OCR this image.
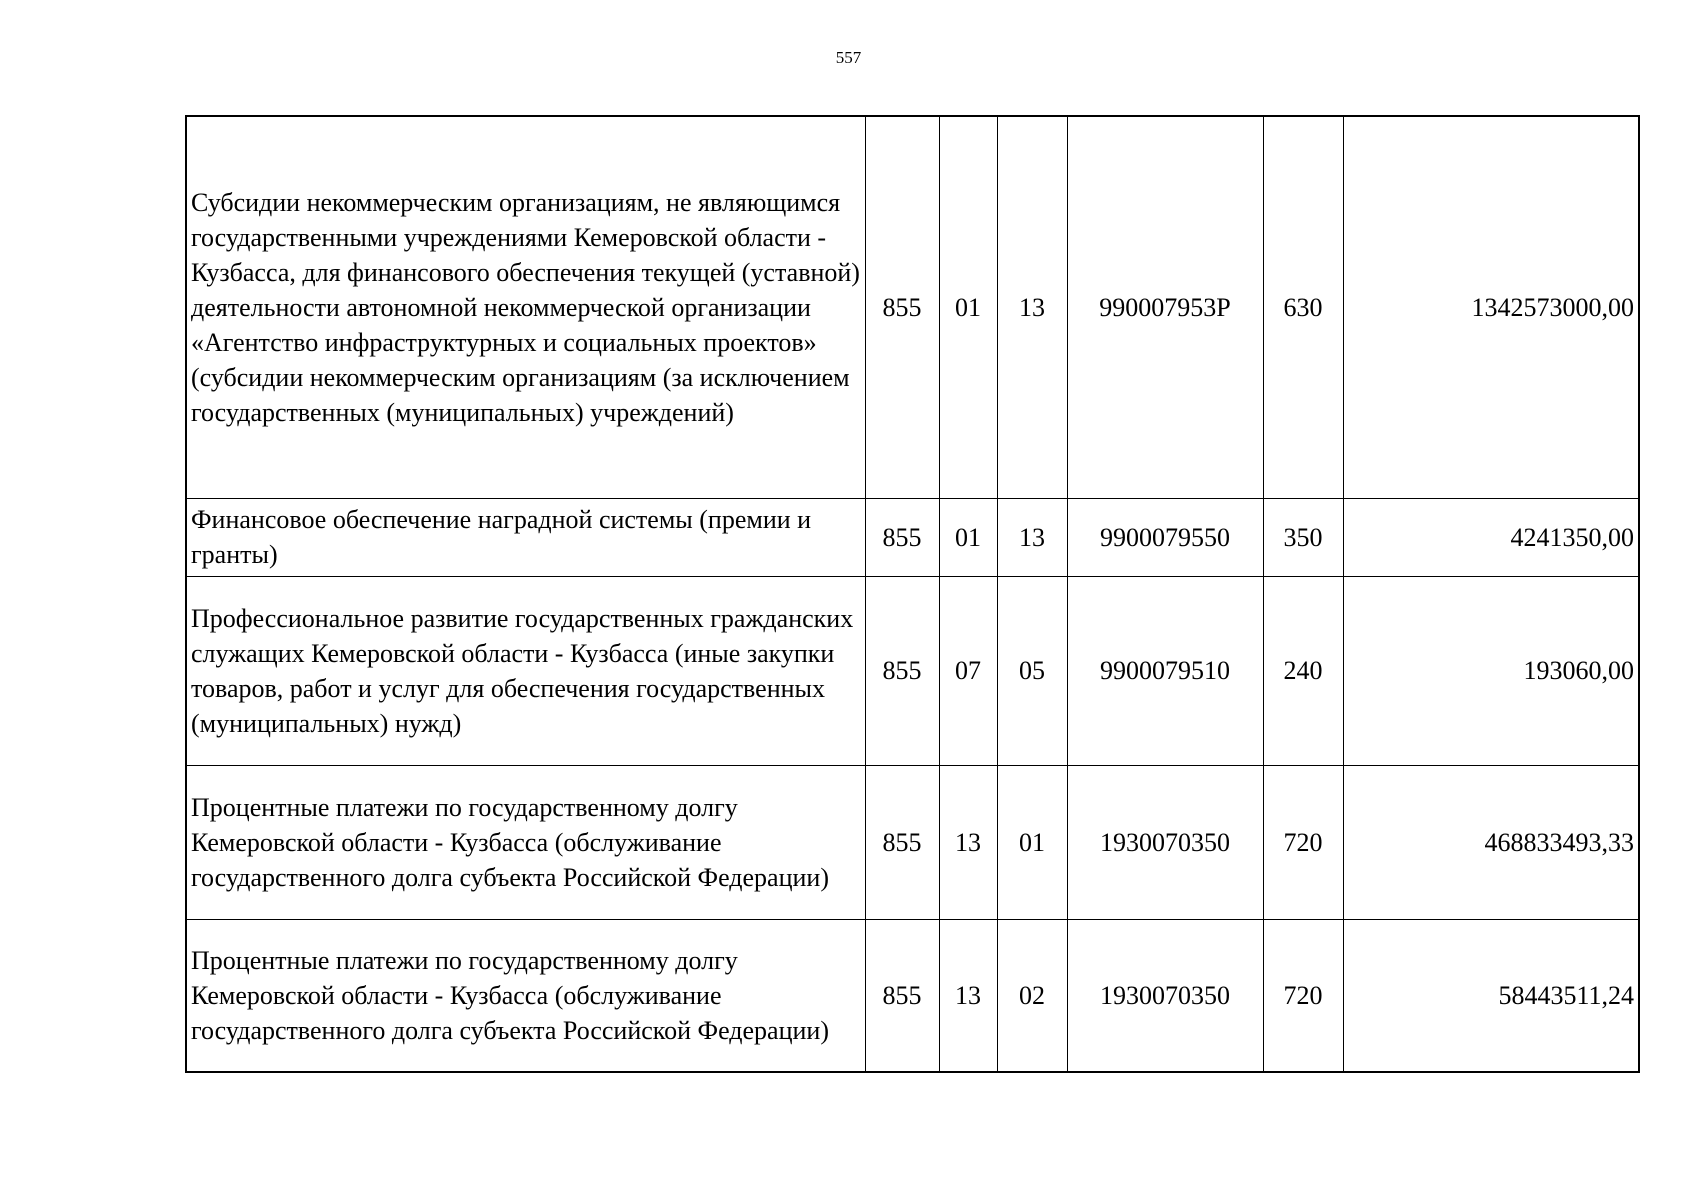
557
Субсидии некоммерческим организациям, не являющимся государственными учреждениями Кемеровской области - Кузбасса, для финансового обеспечения текущей (уставной) деятельности автономной некоммерческой организации «Агентство инфраструктурных и социальных проектов» (субсидии некоммерческим организациям (за исключением государственных (муниципальных) учреждений)	855	01	13	990007953P	630	1342573000,00
Финансовое обеспечение наградной системы (премии и гранты)	855	01	13	9900079550	350	4241350,00
Профессиональное развитие государственных гражданских служащих Кемеровской области - Кузбасса (иные закупки товаров, работ и услуг для обеспечения государственных (муниципальных) нужд)	855	07	05	9900079510	240	193060,00
Процентные платежи по государственному долгу Кемеровской области - Кузбасса (обслуживание государственного долга субъекта Российской Федерации)	855	13	01	1930070350	720	468833493,33
Процентные платежи по государственному долгу Кемеровской области - Кузбасса (обслуживание государственного долга субъекта Российской Федерации)	855	13	02	1930070350	720	58443511,24
